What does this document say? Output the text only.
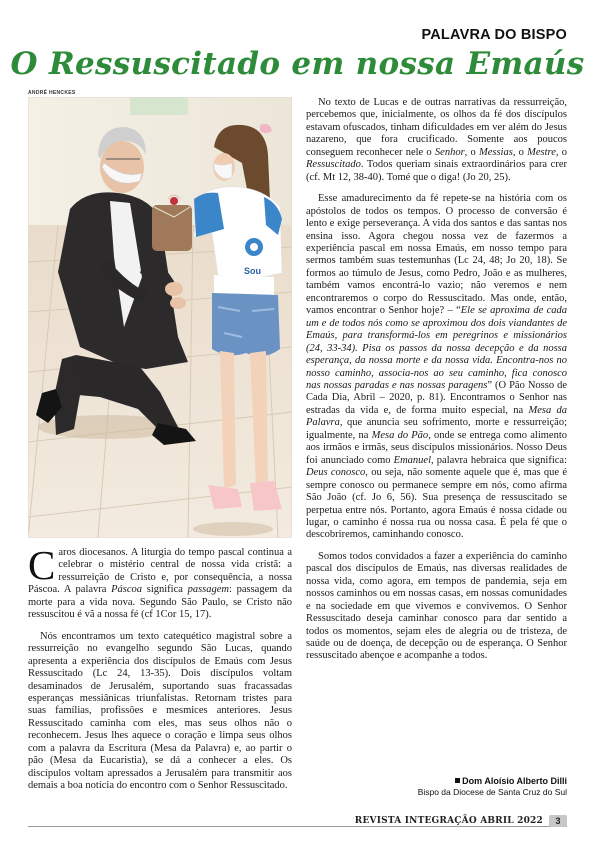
PALAVRA DO BISPO
O Ressuscitado em nossa Emaús
ANDRÉ HENCKES
Sou

Caros diocesanos. A liturgia do tempo pascal continua a celebrar o mistério central de nossa vida cristã: a ressurreição de Cristo e, por consequência, a nossa Páscoa. A palavra Páscoa significa passagem: passagem da morte para a vida nova. Segundo São Paulo, se Cristo não ressuscitou é vã a nossa fé (cf 1Cor 15, 17).

Nós encontramos um texto catequético magistral sobre a ressurreição no evangelho segundo São Lucas, quando apresenta a experiência dos discípulos de Emaús com Jesus Ressuscitado (Lc 24, 13-35). Dois discípulos voltam desaminados de Jerusalém, suportando suas fracassadas esperanças messiânicas triunfalistas. Retornam tristes para suas famílias, profissões e mesmices anteriores. Jesus Ressuscitado caminha com eles, mas seus olhos não o reconhecem. Jesus lhes aquece o coração e limpa seus olhos com a palavra da Escritura (Mesa da Palavra) e, ao partir o pão (Mesa da Eucaristia), se dá a conhecer a eles. Os discípulos voltam apressados a Jerusalém para transmitir aos demais a boa notícia do encontro com o Senhor Ressuscitado.

No texto de Lucas e de outras narrativas da ressurreição, percebemos que, inicialmente, os olhos da fé dos discípulos estavam ofuscados, tinham dificuldades em ver além do Jesus nazareno, que fora crucificado. Somente aos poucos conseguem reconhecer nele o Senhor, o Messias, o Mestre, o Ressuscitado. Todos queriam sinais extraordinários para crer (cf. Mt 12, 38-40). Tomé que o diga! (Jo 20, 25).

Esse amadurecimento da fé repete-se na história com os apóstolos de todos os tempos. O processo de conversão é lento e exige perseverança. A vida dos santos e das santas nos ensina isso. Agora chegou nossa vez de fazermos a experiência pascal em nossa Emaús, em nosso tempo para sermos também suas testemunhas (Lc 24, 48; Jo 20, 18). Se formos ao túmulo de Jesus, como Pedro, João e as mulheres, também vamos encontrá-lo vazio; não veremos e nem encontraremos o corpo do Ressuscitado. Mas onde, então, vamos encontrar o Senhor hoje? – “Ele se aproxima de cada um e de todos nós como se aproximou dos dois viandantes de Emaús, para transformá-los em peregrinos e missionários (24, 33-34). Pisa os passos da nossa decepção e da nossa esperança, da nossa morte e da nossa vida. Encontra-nos no nosso caminho, associa-nos ao seu caminho, fica conosco nas nossas paradas e nas nossas paragens” (O Pão Nosso de Cada Dia, Abril – 2020, p. 81). Encontramos o Senhor nas estradas da vida e, de forma muito especial, na Mesa da Palavra, que anuncia seu sofrimento, morte e ressurreição; igualmente, na Mesa do Pão, onde se entrega como alimento aos irmãos e irmãs, seus discípulos missionários. Nosso Deus foi anunciado como Emanuel, palavra hebraica que significa: Deus conosco, ou seja, não somente aquele que é, mas que é sempre conosco ou permanece sempre em nós, como afirma São João (cf. Jo 6, 56). Sua presença de ressuscitado se perpetua entre nós. Portanto, agora Emaús é nossa cidade ou lugar, o caminho é nossa rua ou nossa casa. É pela fé que o descobriremos, caminhando conosco.

Somos todos convidados a fazer a experiência do caminho pascal dos discípulos de Emaús, nas diversas realidades de nossa vida, como agora, em tempos de pandemia, seja em nossos caminhos ou em nossas casas, em nossas comunidades e na sociedade em que vivemos e convivemos. O Senhor Ressuscitado deseja caminhar conosco para dar sentido a todos os momentos, sejam eles de alegria ou de tristeza, de saúde ou de doença, de decepção ou de esperança. O Senhor ressuscitado abençoe e acompanhe a todos.

Dom Aloísio Alberto Dilli
Bispo da Diocese de Santa Cruz do Sul
REVISTA INTEGRAÇÃO ABRIL 2022	3
